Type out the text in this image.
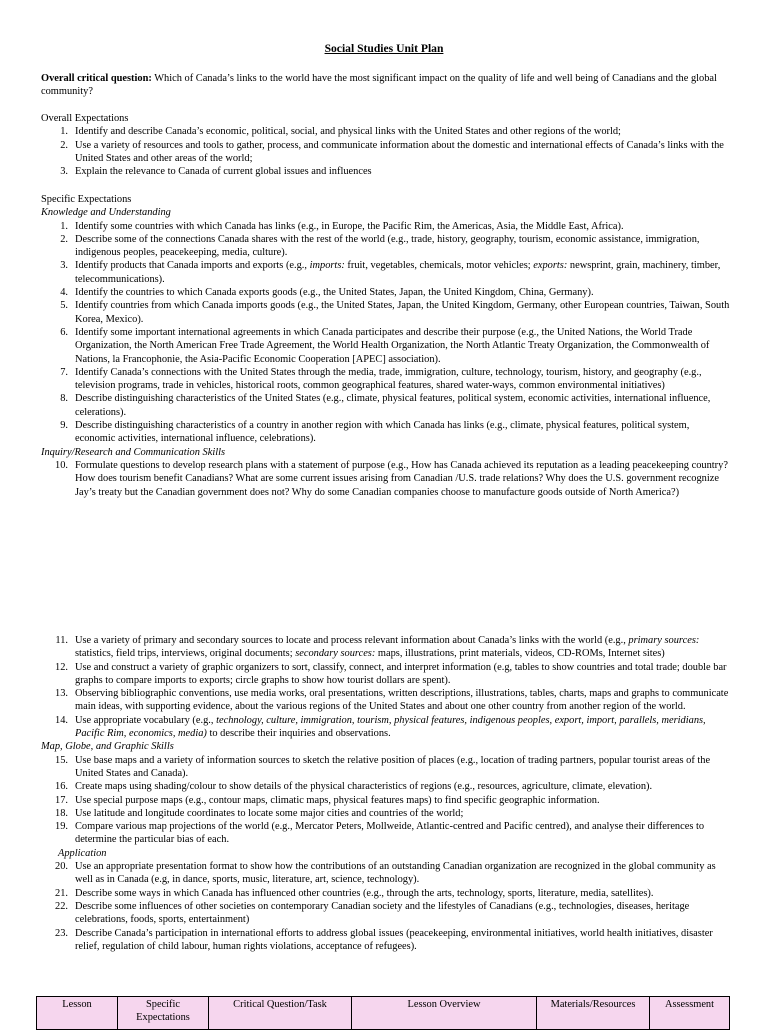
Social Studies Unit Plan
Overall critical question: Which of Canada’s links to the world have the most significant impact on the quality of life and well being of Canadians and the global community?
Overall Expectations
1. Identify and describe Canada’s economic, political, social, and physical links with the United States and other regions of the world;
2. Use a variety of resources and tools to gather, process, and communicate information about the domestic and international effects of Canada’s links with the United States and other areas of the world;
3. Explain the relevance to Canada of current global issues and influences
Specific Expectations
Knowledge and Understanding
1. Identify some countries with which Canada has links (e.g., in Europe, the Pacific Rim, the Americas, Asia, the Middle East, Africa).
2. Describe some of the connections Canada shares with the rest of the world (e.g., trade, history, geography, tourism, economic assistance, immigration, indigenous peoples, peacekeeping, media, culture).
3. Identify products that Canada imports and exports (e.g., imports: fruit, vegetables, chemicals, motor vehicles; exports: newsprint, grain, machinery, timber, telecommunications).
4. Identify the countries to which Canada exports goods (e.g., the United States, Japan, the United Kingdom, China, Germany).
5. Identify countries from which Canada imports goods (e.g., the United States, Japan, the United Kingdom, Germany, other European countries, Taiwan, South Korea, Mexico).
6. Identify some important international agreements in which Canada participates and describe their purpose (e.g., the United Nations, the World Trade Organization, the North American Free Trade Agreement, the World Health Organization, the North Atlantic Treaty Organization, the Commonwealth of Nations, la Francophonie, the Asia-Pacific Economic Cooperation [APEC] association).
7. Identify Canada’s connections with the United States through the media, trade, immigration, culture, technology, tourism, history, and geography (e.g., television programs, trade in vehicles, historical roots, common geographical features, shared water-ways, common environmental initiatives)
8. Describe distinguishing characteristics of the United States (e.g., climate, physical features, political system, economic activities, international influence, celerations).
9. Describe distinguishing characteristics of a country in another region with which Canada has links (e.g., climate, physical features, political system, economic activities, international influence, celebrations).
Inquiry/Research and Communication Skills
10. Formulate questions to develop research plans with a statement of purpose (e.g., How has Canada achieved its reputation as a leading peacekeeping country? How does tourism benefit Canadians? What are some current issues arising from Canadian /U.S. trade relations? Why does the U.S. government recognize Jay’s treaty but the Canadian government does not? Why do some Canadian companies choose to manufacture goods outside of North America?)
11. Use a variety of primary and secondary sources to locate and process relevant information about Canada’s links with the world (e.g., primary sources: statistics, field trips, interviews, original documents; secondary sources: maps, illustrations, print materials, videos, CD-ROMs, Internet sites)
12. Use and construct a variety of graphic organizers to sort, classify, connect, and interpret information (e.g, tables to show countries and total trade; double bar graphs to compare imports to exports; circle graphs to show how tourist dollars are spent).
13. Observing bibliographic conventions, use media works, oral presentations, written descriptions, illustrations, tables, charts, maps and graphs to communicate main ideas, with supporting evidence, about the various regions of the United States and about one other country from another region of the world.
14. Use appropriate vocabulary (e.g., technology, culture, immigration, tourism, physical features, indigenous peoples, export, import, parallels, meridians, Pacific Rim, economics, media) to describe their inquiries and observations.
Map, Globe, and Graphic Skills
15. Use base maps and a variety of information sources to sketch the relative position of places (e.g., location of trading partners, popular tourist areas of the United States and Canada).
16. Create maps using shading/colour to show details of the physical characteristics of regions (e.g., resources, agriculture, climate, elevation).
17. Use special purpose maps (e.g., contour maps, climatic maps, physical features maps) to find specific geographic information.
18. Use latitude and longitude coordinates to locate some major cities and countries of the world;
19. Compare various map projections of the world (e.g., Mercator Peters, Mollweide, Atlantic-centred and Pacific centred), and analyse their differences to determine the particular bias of each.
Application
20. Use an appropriate presentation format to show how the contributions of an outstanding Canadian organization are recognized in the global community as well as in Canada (e.g, in dance, sports, music, literature, art, science, technology).
21. Describe some ways in which Canada has influenced other countries (e.g., through the arts, technology, sports, literature, media, satellites).
22. Describe some influences of other societies on contemporary Canadian society and the lifestyles of Canadians (e.g., technologies, diseases, heritage celebrations, foods, sports, entertainment)
23. Describe Canada’s participation in international efforts to address global issues (peacekeeping, environmental initiatives, world health initiatives, disaster relief, regulation of child labour, human rights violations, acceptance of refugees).
Lesson	Specific Expectations	Critical Question/Task	Lesson Overview	Materials/Resources	Assessment
